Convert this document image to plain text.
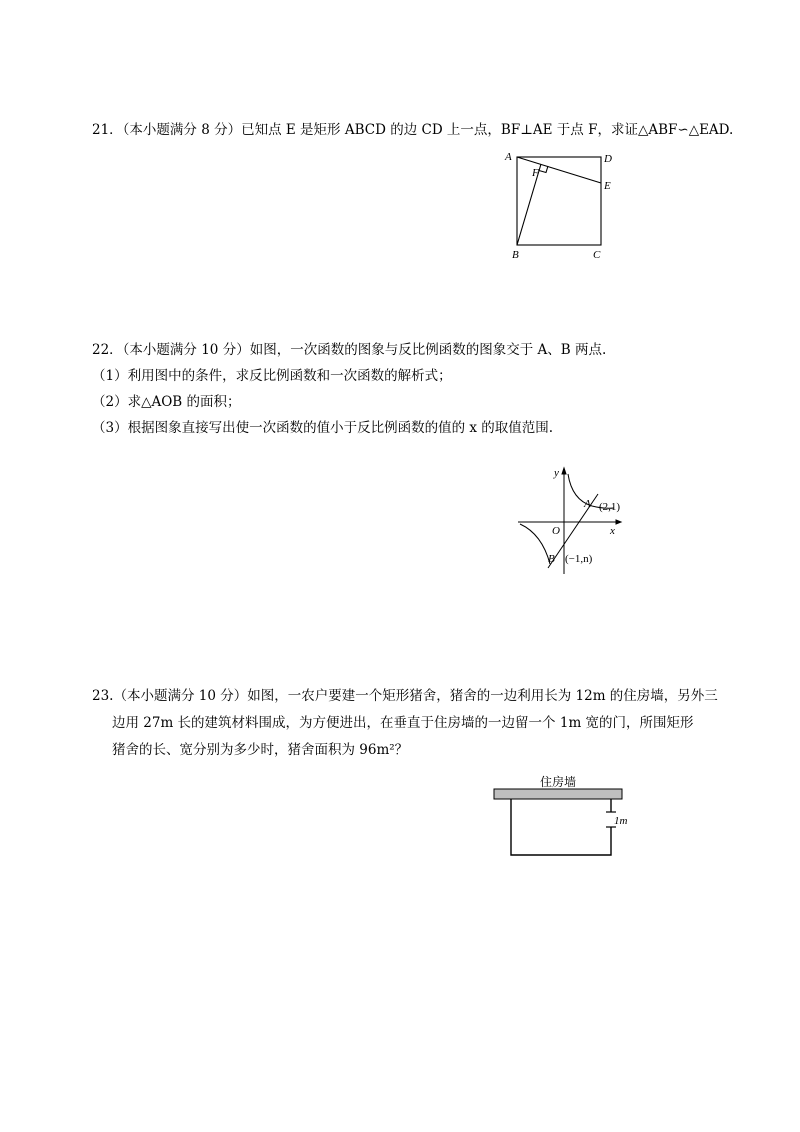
21．（本小题满分 8 分）已知点 E 是矩形 ABCD 的边 CD 上一点，BF⊥AE 于点 F，求证△ABF∽△EAD.
A	D
E
F
B	C
22．（本小题满分 10 分）如图，一次函数的图象与反比例函数的图象交于 A、B 两点.
（1）利用图中的条件，求反比例函数和一次函数的解析式；
（2）求△AOB 的面积；
（3）根据图象直接写出使一次函数的值小于反比例函数的值的 x 的取值范围.
y
x
O
A (2,1)
B (−1,n)
23.（本小题满分 10 分）如图，一农户要建一个矩形猪舍，猪舍的一边利用长为 12m 的住房墙，另外三
边用 27m 长的建筑材料围成，为方便进出，在垂直于住房墙的一边留一个 1m 宽的门，所围矩形
猪舍的长、宽分别为多少时，猪舍面积为 96m²？
住房墙
1m
